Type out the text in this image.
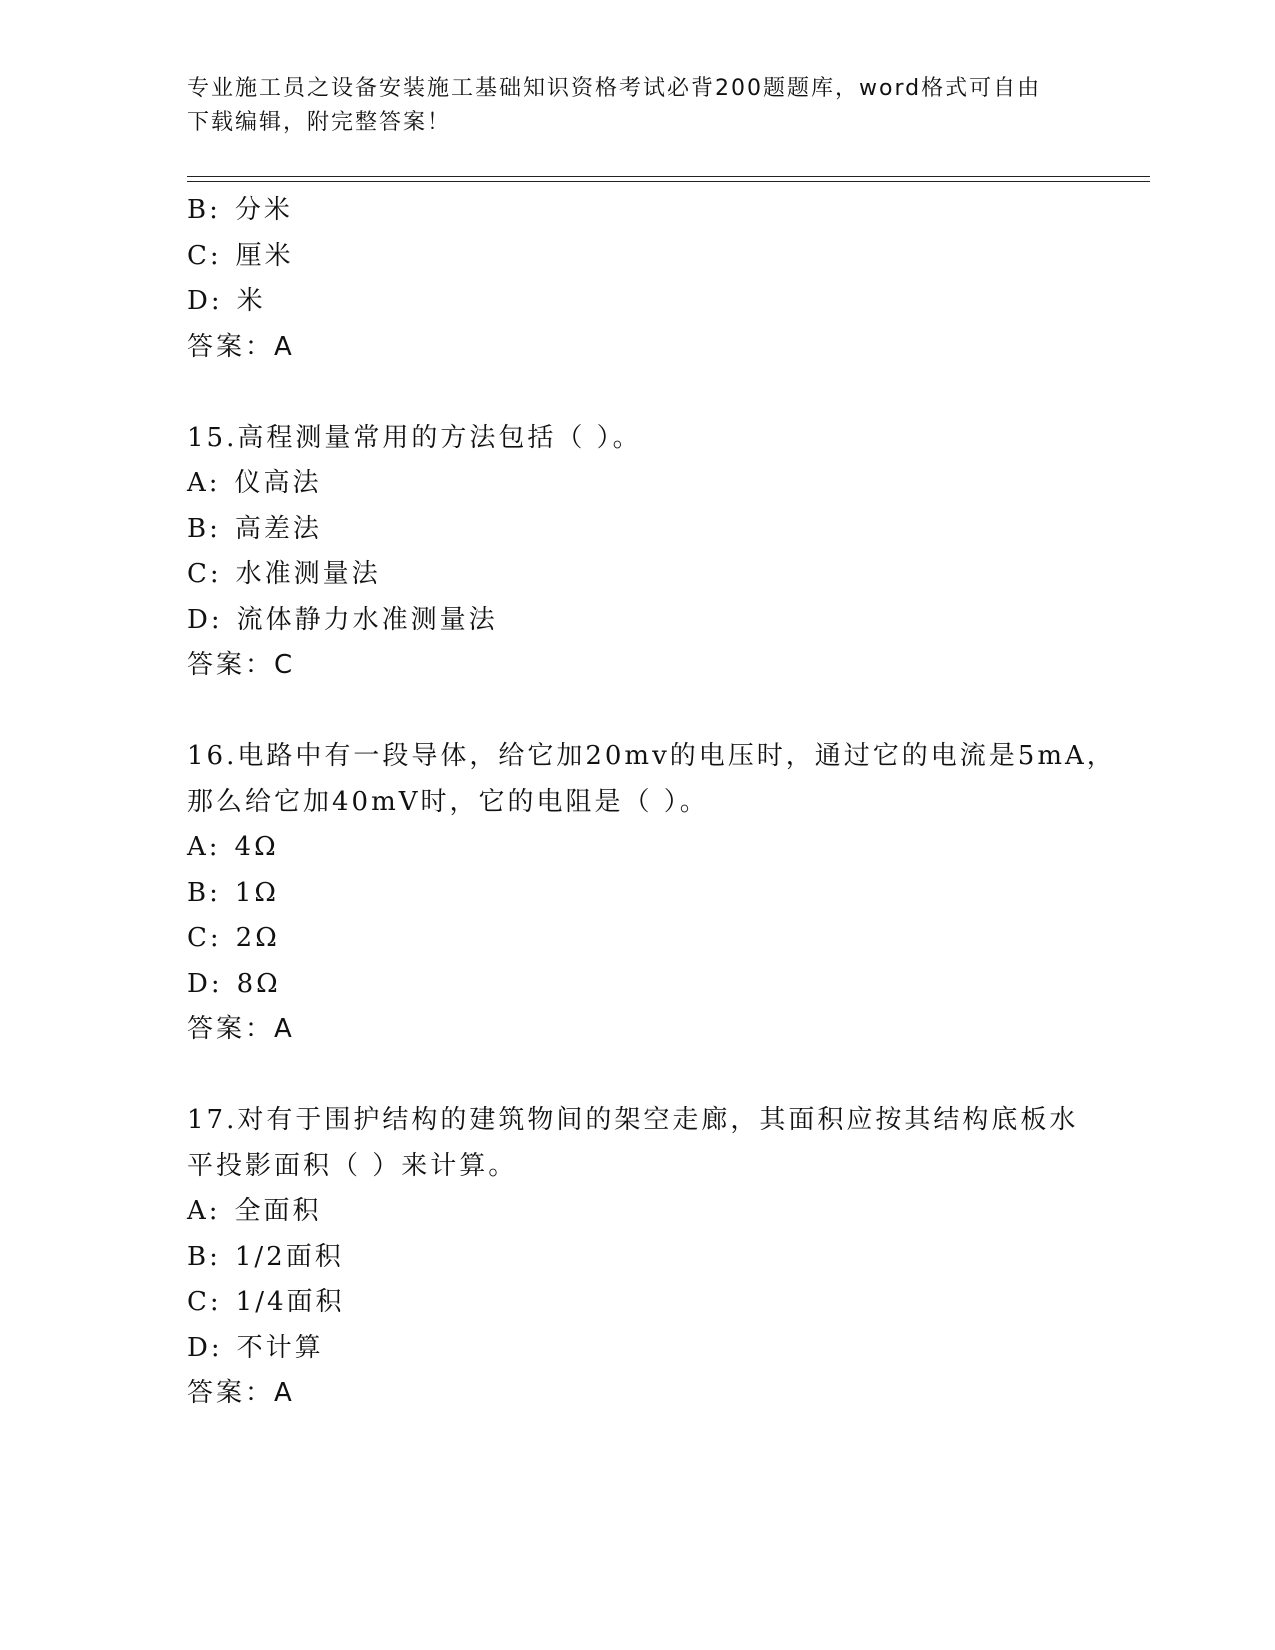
专业施工员之设备安装施工基础知识资格考试必背200题题库，word格式可自由
下载编辑，附完整答案！
B: 分米
C: 厘米
D: 米
答案：A
15.高程测量常用的方法包括（ ）。
A: 仪高法
B: 高差法
C: 水准测量法
D: 流体静力水准测量法
答案：C
16.电路中有一段导体，给它加20mv的电压时，通过它的电流是5mA，
那么给它加40mV时，它的电阻是（ ）。
A: 4Ω
B: 1Ω
C: 2Ω
D: 8Ω
答案：A
17.对有于围护结构的建筑物间的架空走廊，其面积应按其结构底板水
平投影面积（ ）来计算。
A: 全面积
B: 1/2面积
C: 1/4面积
D: 不计算
答案：A
